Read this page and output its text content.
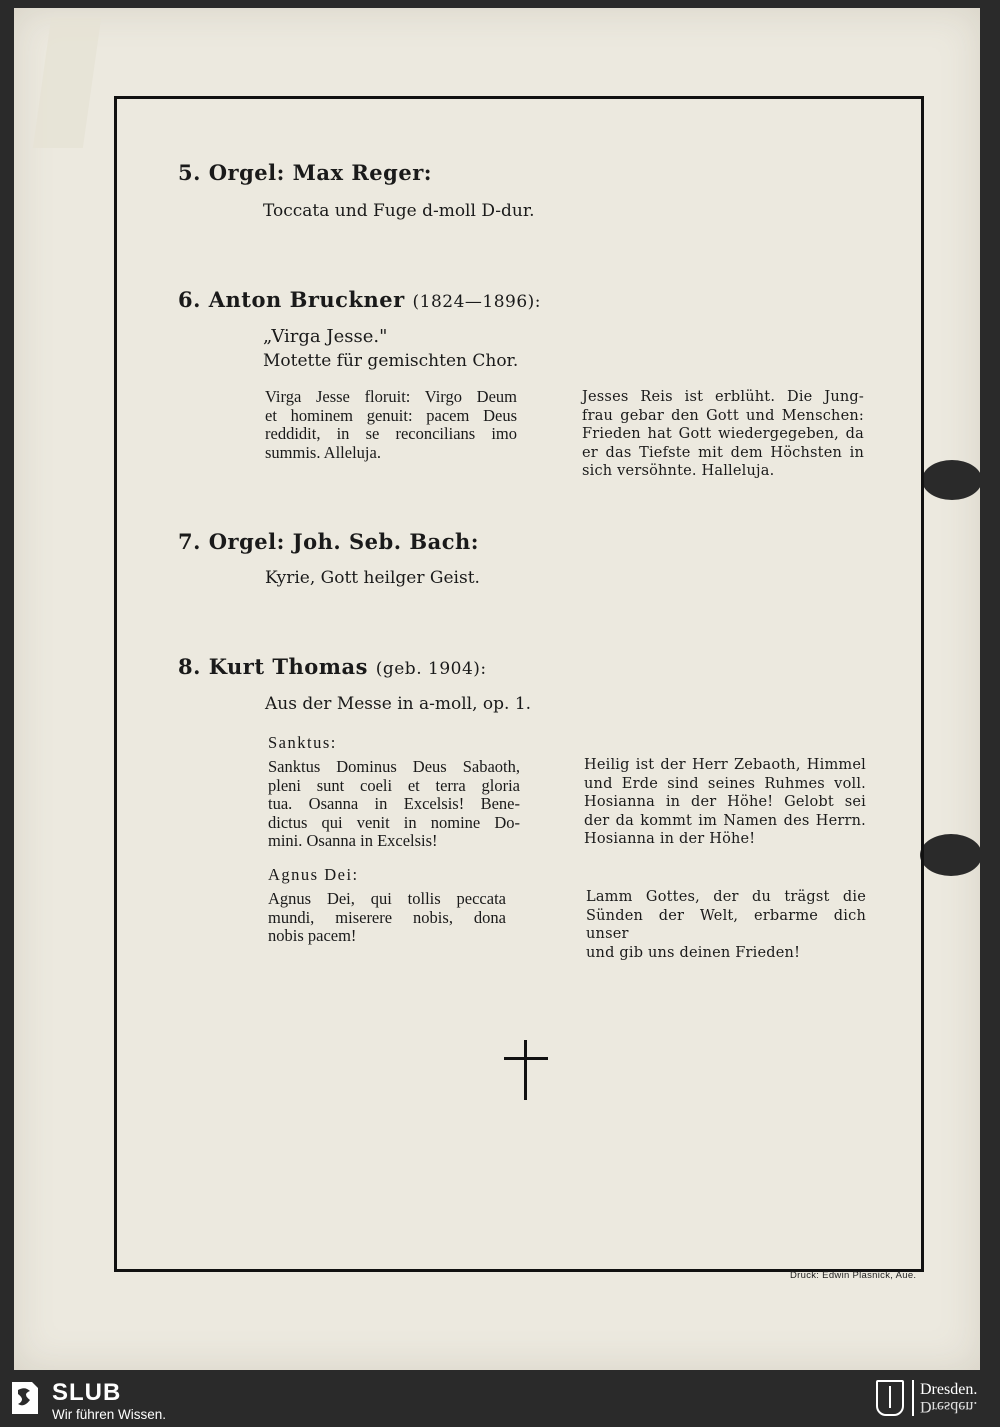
5. Orgel: Max Reger:
Toccata und Fuge d-moll D-dur.
6. Anton Bruckner (1824—1896):
„Virga Jesse."
Motette für gemischten Chor.
Virga Jesse floruit: Virgo Deum
et hominem genuit: pacem Deus
reddidit, in se reconcilians imo
summis. Alleluja.
Jesses Reis ist erblüht. Die Jung-
frau gebar den Gott und Menschen:
Frieden hat Gott wiedergegeben, da
er das Tiefste mit dem Höchsten in
sich versöhnte. Halleluja.
7. Orgel: Joh. Seb. Bach:
Kyrie, Gott heilger Geist.
8. Kurt Thomas (geb. 1904):
Aus der Messe in a-moll, op. 1.
Sanktus:
Sanktus Dominus Deus Sabaoth,
pleni sunt coeli et terra gloria
tua. Osanna in Excelsis! Bene-
dictus qui venit in nomine Do-
mini. Osanna in Excelsis!
Heilig ist der Herr Zebaoth, Himmel
und Erde sind seines Ruhmes voll.
Hosianna in der Höhe! Gelobt sei
der da kommt im Namen des Herrn.
Hosianna in der Höhe!
Agnus Dei:
Agnus Dei, qui tollis peccata
mundi, miserere nobis, dona
nobis pacem!
Lamm Gottes, der du trägst die
Sünden der Welt, erbarme dich unser
und gib uns deinen Frieden!
Druck: Edwin Plasnick, Aue.
SLUB
Wir führen Wissen.
Dresden.
Dresden.
